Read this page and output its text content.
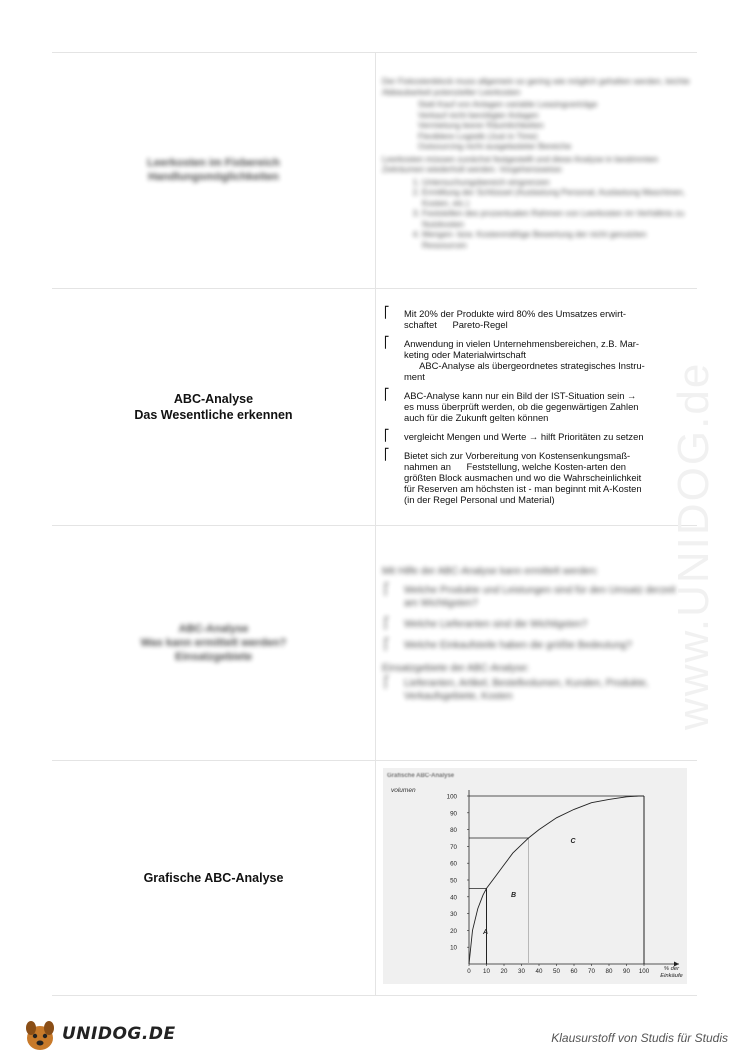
Leerkosten im Fixbereich
Handlungsmöglichkeiten
Der Fixkostenblock muss allgemein so gering wie möglich gehalten werden, leichte Abbaubarkeit potenzieller Leerkosten
Statt Kauf von Anlagen variable Leasingverträge
Verkauf nicht benötigter Anlagen
Vermietung leerer Räumlichkeiten
Flexiblere Logistik (Just in Time)
Outsourcing nicht ausgelasteter Bereiche
Leerkosten müssen zunächst festgestellt und diese Analyse in bestimmten Zeiträumen wiederholt werden. Vorgehensweise:
1. Untersuchungsbereich eingrenzen
2. Ermittlung der Schlüssel (Auslastung Personal, Auslastung Maschinen, Kosten, etc.)
3. Feststellen des prozentualen Rahmen von Leerkosten im Verhältnis zu Nutzkosten
4. Mengen- bzw. Kostenmäßige Bewertung der nicht genutzten Ressourcen
ABC-Analyse
Das Wesentliche erkennen
⎡ Mit 20% der Produkte wird 80% des Umsatzes erwirt-
schaftet      Pareto-Regel
⎡ Anwendung in vielen Unternehmensbereichen, z.B. Mar-
keting oder Materialwirtschaft
ABC-Analyse als übergeordnetes strategisches Instru-
ment
⎡ ABC-Analyse kann nur ein Bild der IST-Situation sein →
es muss überprüft werden, ob die gegenwärtigen Zahlen
auch für die Zukunft gelten können
⎡ vergleicht Mengen und Werte → hilft Prioritäten zu setzen
⎡ Bietet sich zur Vorbereitung von Kostensenkungsmaß-
nahmen an      Feststellung, welche Kosten-arten den
größten Block ausmachen und wo die Wahrscheinlichkeit
für Reserven am höchsten ist - man beginnt mit A-Kosten
(in der Regel Personal und Material)
ABC-Analyse
Was kann ermittelt werden?
Einsatzgebiete
Mit Hilfe der ABC-Analyse kann ermittelt werden:
⎡ Welche Produkte und Leistungen sind für den Umsatz derzeit am Wichtigsten?
⎡ Welche Lieferanten sind die Wichtigsten?
⎡ Welche Einkaufsteile haben die größte Bedeutung?
Einsatzgebiete der ABC-Analyse:
⎡ Lieferanten, Artikel, Bestellvolumen, Kunden, Produkte, Verkaufsgebiete, Kosten
Grafische ABC-Analyse
Grafische ABC-Analyse
volumen
10
20
30
40
50
60
70
80
90
100
0 10 20 30 40 50 60 70 80 90 100	% der
Einkäufe
A
B
C
www.UNIDOG.de
UNIDOG.DE	Klausurstoff von Studis für Studis
